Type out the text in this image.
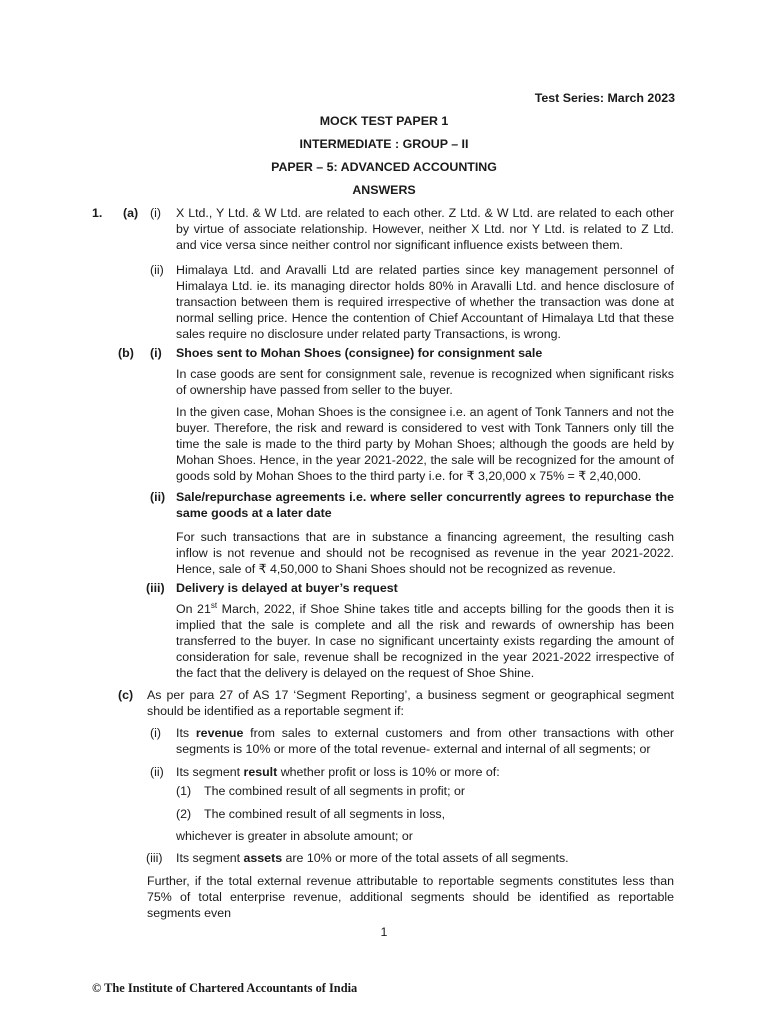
Test Series: March 2023
MOCK TEST PAPER 1
INTERMEDIATE : GROUP – II
PAPER – 5: ADVANCED ACCOUNTING
ANSWERS
1. (a) (i) X Ltd., Y Ltd. & W Ltd. are related to each other. Z Ltd. & W Ltd. are related to each other by virtue of associate relationship. However, neither X Ltd. nor Y Ltd. is related to Z Ltd. and vice versa since neither control nor significant influence exists between them.

(ii) Himalaya Ltd. and Aravalli Ltd are related parties since key management personnel of Himalaya Ltd. ie. its managing director holds 80% in Aravalli Ltd. and hence disclosure of transaction between them is required irrespective of whether the transaction was done at normal selling price. Hence the contention of Chief Accountant of Himalaya Ltd that these sales require no disclosure under related party Transactions, is wrong.

(b) (i) Shoes sent to Mohan Shoes (consignee) for consignment sale

In case goods are sent for consignment sale, revenue is recognized when significant risks of ownership have passed from seller to the buyer.

In the given case, Mohan Shoes is the consignee i.e. an agent of Tonk Tanners and not the buyer. Therefore, the risk and reward is considered to vest with Tonk Tanners only till the time the sale is made to the third party by Mohan Shoes; although the goods are held by Mohan Shoes. Hence, in the year 2021-2022, the sale will be recognized for the amount of goods sold by Mohan Shoes to the third party i.e. for ₹ 3,20,000 x 75% = ₹ 2,40,000.

(ii) Sale/repurchase agreements i.e. where seller concurrently agrees to repurchase the same goods at a later date

For such transactions that are in substance a financing agreement, the resulting cash inflow is not revenue and should not be recognised as revenue in the year 2021-2022. Hence, sale of ₹ 4,50,000 to Shani Shoes should not be recognized as revenue.

(iii) Delivery is delayed at buyer’s request

On 21st March, 2022, if Shoe Shine takes title and accepts billing for the goods then it is implied that the sale is complete and all the risk and rewards of ownership has been transferred to the buyer. In case no significant uncertainty exists regarding the amount of consideration for sale, revenue shall be recognized in the year 2021-2022 irrespective of the fact that the delivery is delayed on the request of Shoe Shine.

(c) As per para 27 of AS 17 ‘Segment Reporting’, a business segment or geographical segment should be identified as a reportable segment if:

(i) Its revenue from sales to external customers and from other transactions with other segments is 10% or more of the total revenue- external and internal of all segments; or

(ii) Its segment result whether profit or loss is 10% or more of:

(1) The combined result of all segments in profit; or
(2) The combined result of all segments in loss,
whichever is greater in absolute amount; or
(iii) Its segment assets are 10% or more of the total assets of all segments.

Further, if the total external revenue attributable to reportable segments constitutes less than 75% of total enterprise revenue, additional segments should be identified as reportable segments even

1
© The Institute of Chartered Accountants of India
